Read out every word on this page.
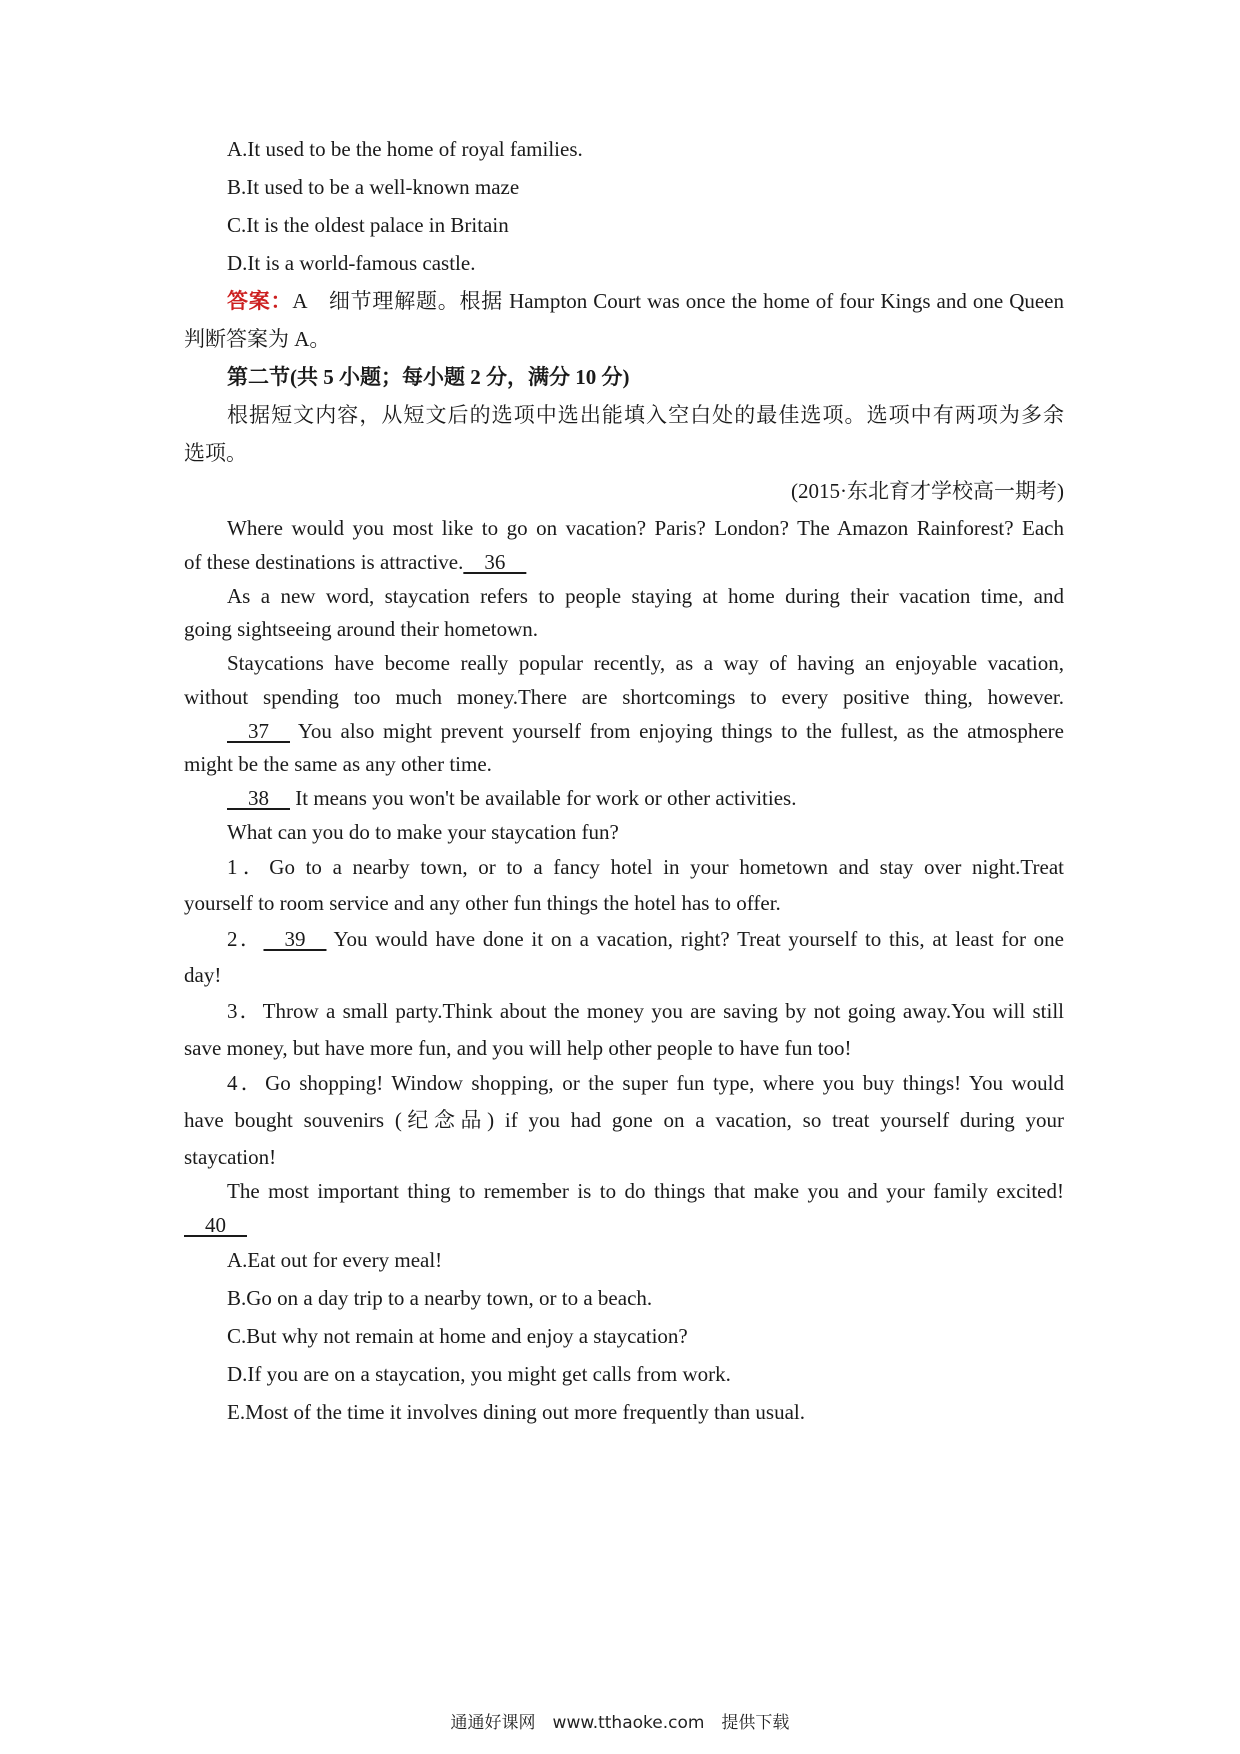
A.It used to be the home of royal families.
B.It used to be a well-known maze
C.It is the oldest palace in Britain
D.It is a world-famous castle.
答案：A　细节理解题。根据 Hampton Court was once the home of four Kings and one Queen
判断答案为 A。
第二节(共 5 小题；每小题 2 分，满分 10 分)
根据短文内容，从短文后的选项中选出能填入空白处的最佳选项。选项中有两项为多余
选项。
(2015·东北育才学校高一期考)
Where would you most like to go on vacation? Paris? London? The Amazon Rainforest? Each
of these destinations is attractive.　36　
As a new word, staycation refers to people staying at home during their vacation time, and
going sightseeing around their hometown.
Staycations have become really popular recently, as a way of having an enjoyable vacation,
without spending too much money.There are shortcomings to every positive thing, however.
　37　 You also might prevent yourself from enjoying things to the fullest, as the atmosphere
might be the same as any other time.
　38　 It means you won't be available for work or other activities.
What can you do to make your staycation fun?
1．Go to a nearby town, or to a fancy hotel in your hometown and stay over night.Treat
yourself to room service and any other fun things the hotel has to offer.
2．　39　 You would have done it on a vacation, right? Treat yourself to this, at least for one
day!
3．Throw a small party.Think about the money you are saving by not going away.You will still
save money, but have more fun, and you will help other people to have fun too!
4．Go shopping! Window shopping, or the super fun type, where you buy things! You would
have bought souvenirs (纪念品) if you had gone on a vacation, so treat yourself during your
staycation!
The most important thing to remember is to do things that make you and your family excited!
　40　
A.Eat out for every meal!
B.Go on a day trip to a nearby town, or to a beach.
C.But why not remain at home and enjoy a staycation?
D.If you are on a staycation, you might get calls from work.
E.Most of the time it involves dining out more frequently than usual.
通通好课网　www.tthaoke.com　提供下载
